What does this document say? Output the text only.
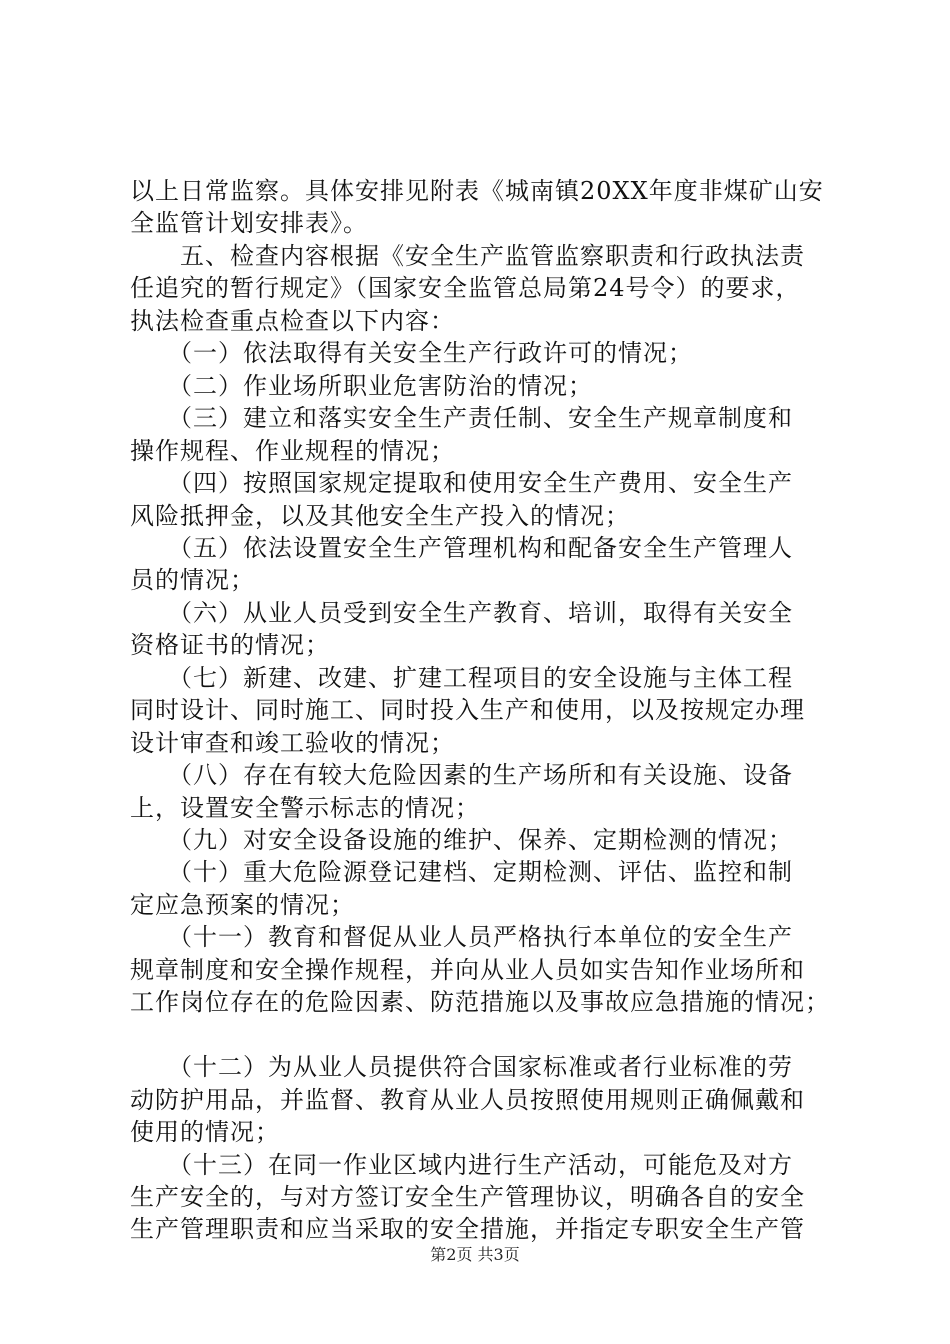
以上日常监察。具体安排见附表《城南镇20XX年度非煤矿山安
全监管计划安排表》。
　　五、检查内容根据《安全生产监管监察职责和行政执法责
任追究的暂行规定》（国家安全监管总局第24号令）的要求，
执法检查重点检查以下内容：
　　（一）依法取得有关安全生产行政许可的情况；
　　（二）作业场所职业危害防治的情况；
　　（三）建立和落实安全生产责任制、安全生产规章制度和
操作规程、作业规程的情况；
　　（四）按照国家规定提取和使用安全生产费用、安全生产
风险抵押金，以及其他安全生产投入的情况；
　　（五）依法设置安全生产管理机构和配备安全生产管理人
员的情况；
　　（六）从业人员受到安全生产教育、培训，取得有关安全
资格证书的情况；
　　（七）新建、改建、扩建工程项目的安全设施与主体工程
同时设计、同时施工、同时投入生产和使用，以及按规定办理
设计审查和竣工验收的情况；
　　（八）存在有较大危险因素的生产场所和有关设施、设备
上，设置安全警示标志的情况；
　　（九）对安全设备设施的维护、保养、定期检测的情况；
　　（十）重大危险源登记建档、定期检测、评估、监控和制
定应急预案的情况；
　　（十一）教育和督促从业人员严格执行本单位的安全生产
规章制度和安全操作规程，并向从业人员如实告知作业场所和
工作岗位存在的危险因素、防范措施以及事故应急措施的情况；
　　（十二）为从业人员提供符合国家标准或者行业标准的劳
动防护用品，并监督、教育从业人员按照使用规则正确佩戴和
使用的情况；
　　（十三）在同一作业区域内进行生产活动，可能危及对方
生产安全的，与对方签订安全生产管理协议，明确各自的安全
生产管理职责和应当采取的安全措施，并指定专职安全生产管
第2页 共3页
